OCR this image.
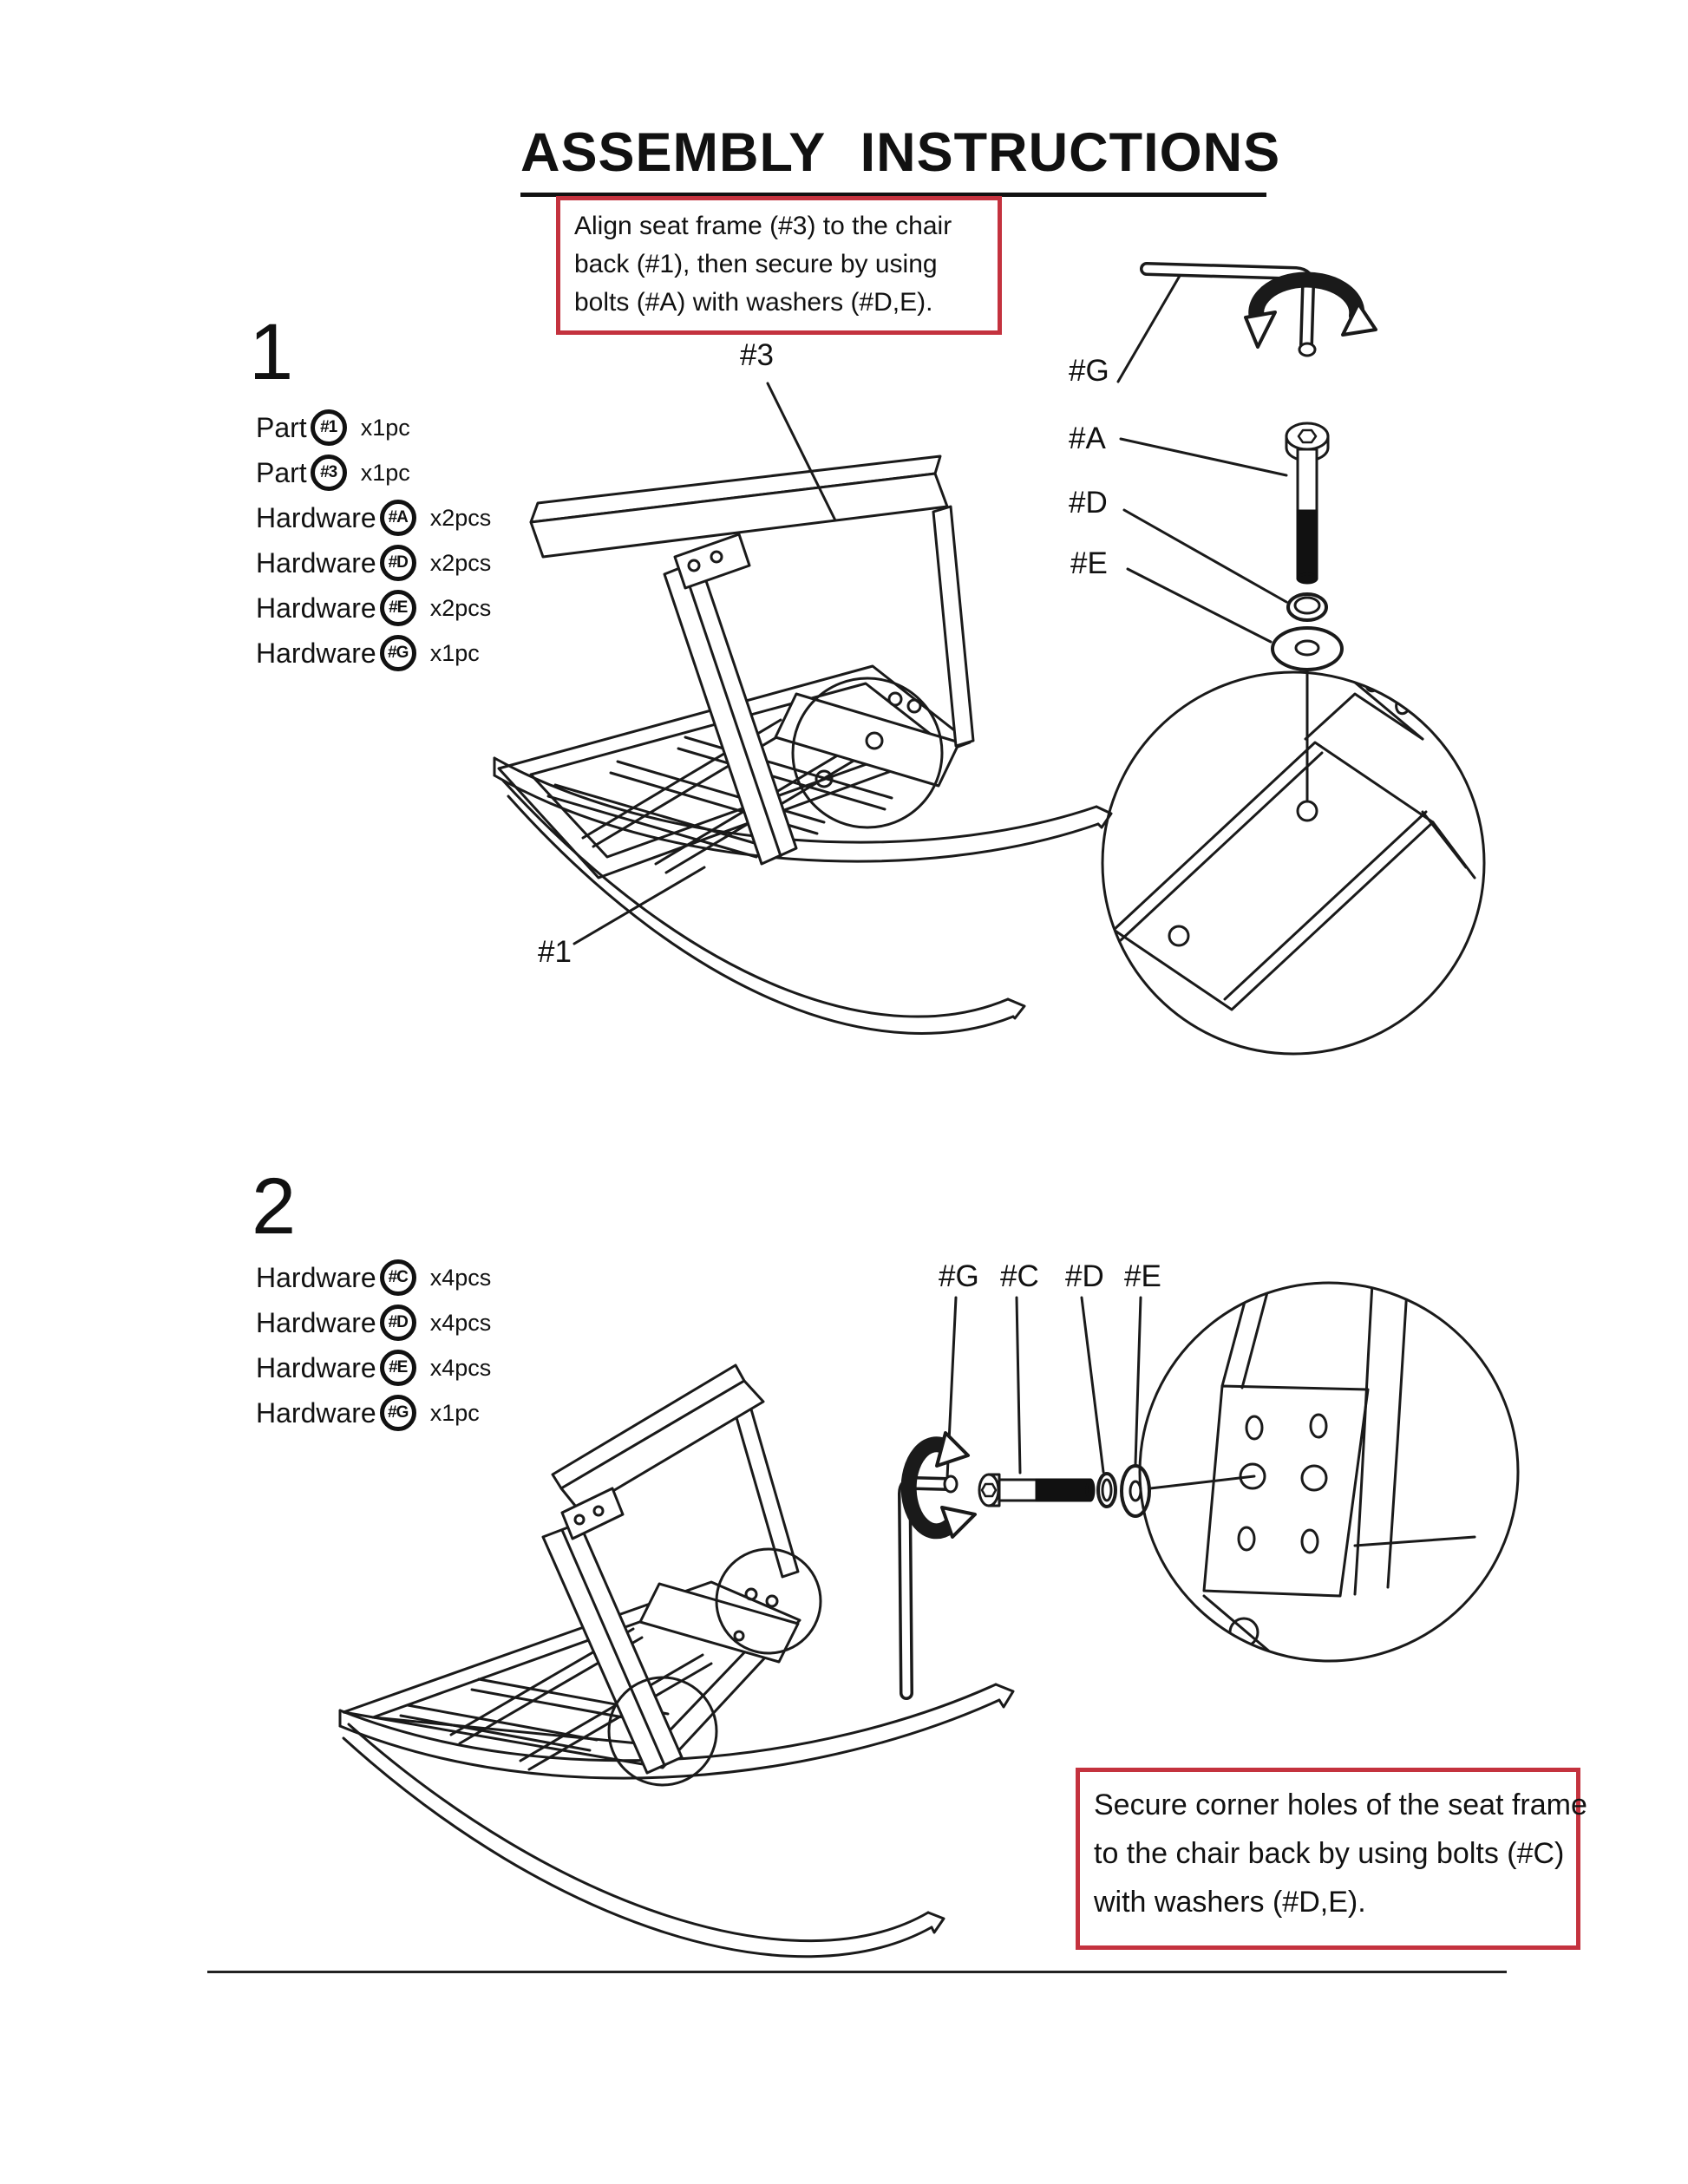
ASSEMBLY INSTRUCTIONS
Align seat frame (#3) to the chair
back (#1), then secure by using
bolts (#A) with washers (#D,E).
1
Part #1 x1pc
Part #3 x1pc
Hardware #A x2pcs
Hardware #D x2pcs
Hardware #E x2pcs
Hardware #G x1pc
#3
#1
#G
#A
#D
#E
2
Hardware #C x4pcs
Hardware #D x4pcs
Hardware #E x4pcs
Hardware #G x1pc
#G #C #D #E
Secure corner holes of the seat frame
to the chair back by using bolts (#C)
with washers (#D,E).
